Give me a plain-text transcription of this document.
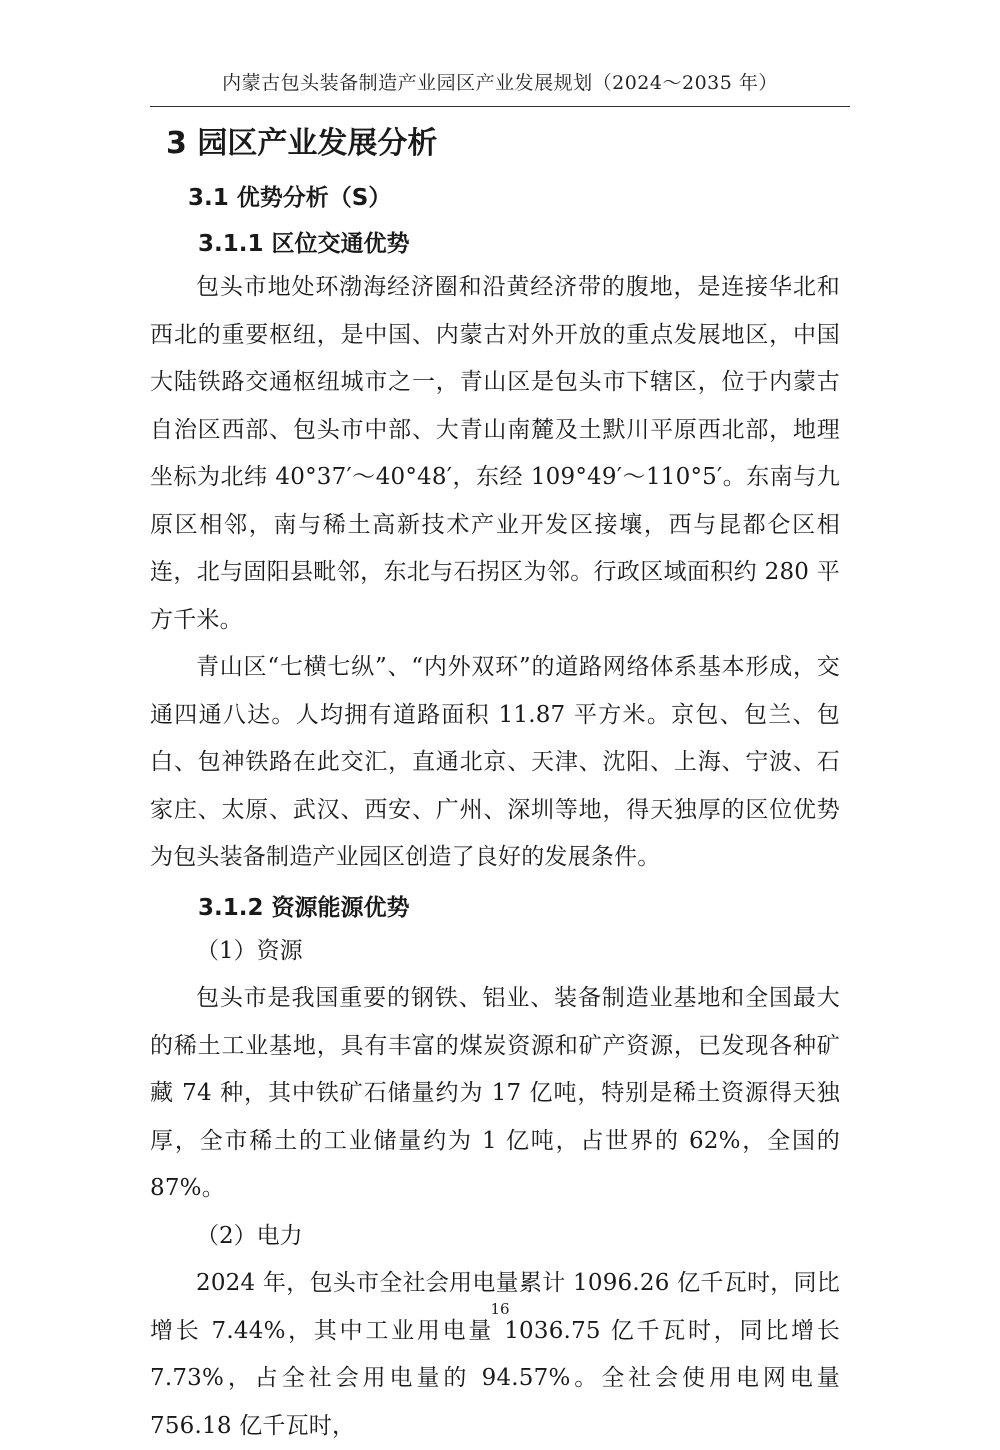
内蒙古包头装备制造产业园区产业发展规划（2024～2035 年）
3 园区产业发展分析
3.1 优势分析（S）
3.1.1 区位交通优势

包头市地处环渤海经济圈和沿黄经济带的腹地，是连接华北和西北的重要枢纽，是中国、内蒙古对外开放的重点发展地区，中国大陆铁路交通枢纽城市之一，青山区是包头市下辖区，位于内蒙古自治区西部、包头市中部、大青山南麓及土默川平原西北部，地理坐标为北纬 40°37′～40°48′，东经 109°49′～110°5′。东南与九原区相邻，南与稀土高新技术产业开发区接壤，西与昆都仑区相连，北与固阳县毗邻，东北与石拐区为邻。行政区域面积约 280 平方千米。

青山区“七横七纵”、“内外双环”的道路网络体系基本形成，交通四通八达。人均拥有道路面积 11.87 平方米。京包、包兰、包白、包神铁路在此交汇，直通北京、天津、沈阳、上海、宁波、石家庄、太原、武汉、西安、广州、深圳等地，得天独厚的区位优势为包头装备制造产业园区创造了良好的发展条件。

3.1.2 资源能源优势

（1）资源

包头市是我国重要的钢铁、铝业、装备制造业基地和全国最大的稀土工业基地，具有丰富的煤炭资源和矿产资源，已发现各种矿藏 74 种，其中铁矿石储量约为 17 亿吨，特别是稀土资源得天独厚，全市稀土的工业储量约为 1 亿吨，占世界的 62%，全国的 87%。

（2）电力

2024 年，包头市全社会用电量累计 1096.26 亿千瓦时，同比增长 7.44%，其中工业用电量 1036.75 亿千瓦时，同比增长 7.73%，占全社会用电量的 94.57%。全社会使用电网电量 756.18 亿千瓦时，

16
